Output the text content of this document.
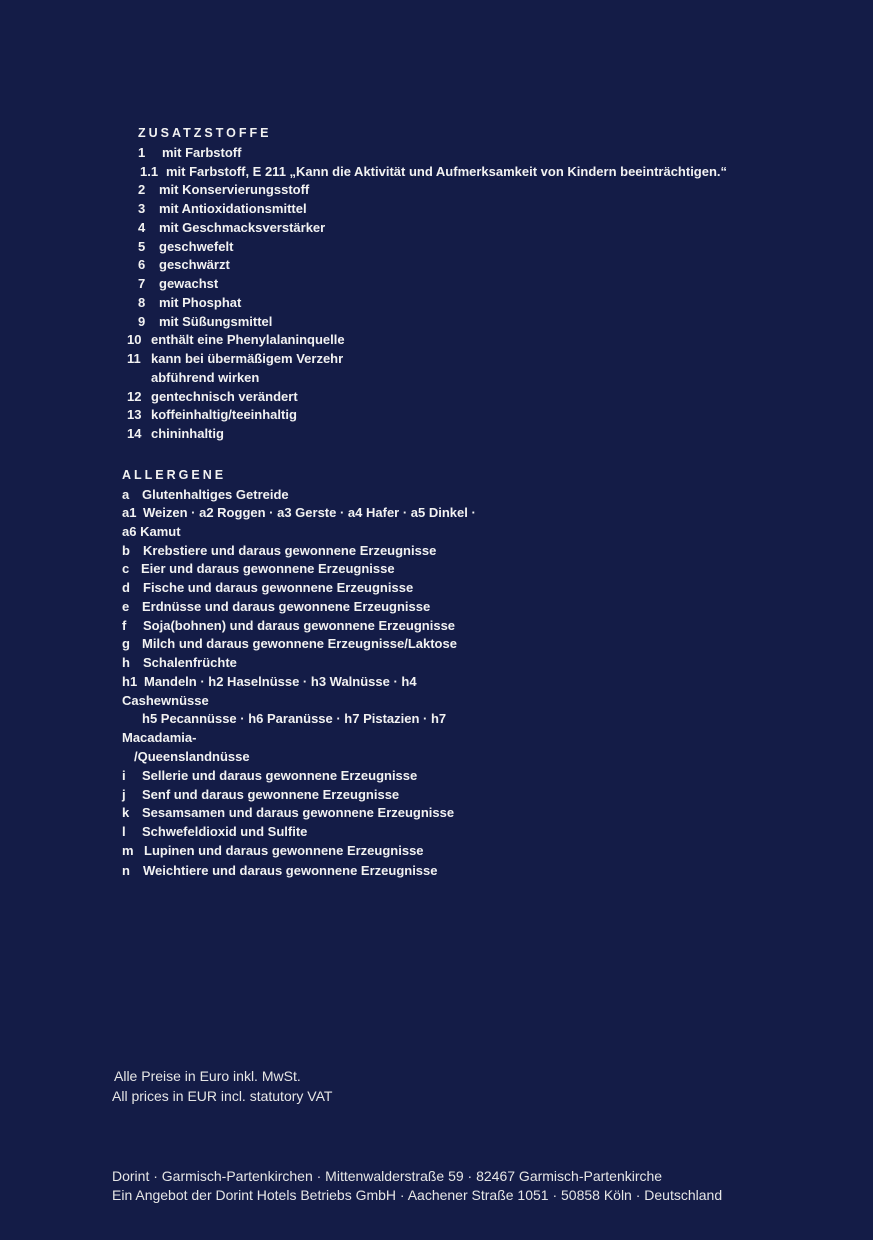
ZUSATZSTOFFE
1 mit Farbstoff
1.1 mit Farbstoff, E 211 „Kann die Aktivität und Aufmerksamkeit von Kindern beeinträchtigen.“
2 mit Konservierungsstoff
3 mit Antioxidationsmittel
4 mit Geschmacksverstärker
5 geschwefelt
6 geschwärzt
7 gewachst
8 mit Phosphat
9 mit Süßungsmittel
10 enthält eine Phenylalaninquelle
11 kann bei übermäßigem Verzehr
abführend wirken
12 gentechnisch verändert
13 koffeinhaltig/teeinhaltig
14 chininhaltig
ALLERGENE
a Glutenhaltiges Getreide
a1 Weizen · a2 Roggen · a3 Gerste · a4 Hafer · a5 Dinkel ·
a6 Kamut
b Krebstiere und daraus gewonnene Erzeugnisse
c Eier und daraus gewonnene Erzeugnisse
d Fische und daraus gewonnene Erzeugnisse
e Erdnüsse und daraus gewonnene Erzeugnisse
f Soja(bohnen) und daraus gewonnene Erzeugnisse
g Milch und daraus gewonnene Erzeugnisse/Laktose
h Schalenfrüchte
h1 Mandeln · h2 Haselnüsse · h3 Walnüsse · h4
Cashewnüsse
h5 Pecannüsse · h6 Paranüsse · h7 Pistazien · h7
Macadamia-
/Queenslandnüsse
i Sellerie und daraus gewonnene Erzeugnisse
j Senf und daraus gewonnene Erzeugnisse
k Sesamsamen und daraus gewonnene Erzeugnisse
l Schwefeldioxid und Sulfite
m Lupinen und daraus gewonnene Erzeugnisse
n Weichtiere und daraus gewonnene Erzeugnisse
Alle Preise in Euro inkl. MwSt.
All prices in EUR incl. statutory VAT
Dorint · Garmisch-Partenkirchen · Mittenwalderstraße 59 · 82467 Garmisch-Partenkirche
Ein Angebot der Dorint Hotels Betriebs GmbH · Aachener Straße 1051 · 50858 Köln · Deutschland
